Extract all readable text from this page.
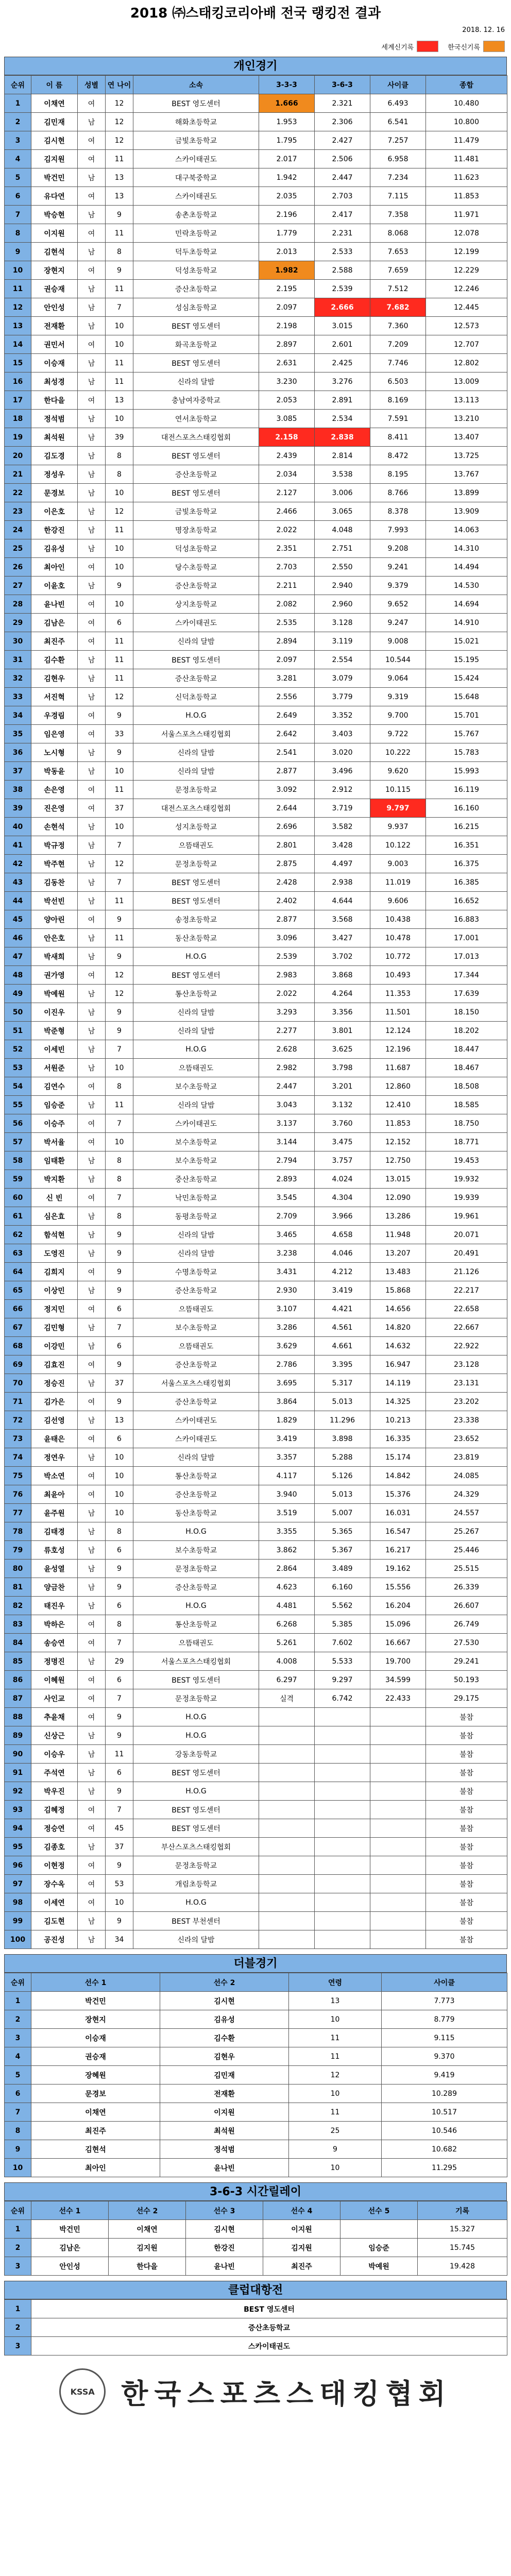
2018 ㈜스태킹코리아배 전국 랭킹전 결과
2018. 12. 16
세계신기록	한국신기록
개인경기
순위	이 름	성별	연 나이	소속	3-3-3	3-6-3	사이클	종합
1	이채연	여	12	BEST 영도센터	1.666	2.321	6.493	10.480
2	김민재	남	12	해화초등학교	1.953	2.306	6.541	10.800
3	김시현	여	12	금빛초등학교	1.795	2.427	7.257	11.479
4	김지원	여	11	스카이태권도	2.017	2.506	6.958	11.481
5	박건민	남	13	대구북중학교	1.942	2.447	7.234	11.623
6	유다연	여	13	스카이태권도	2.035	2.703	7.115	11.853
7	박승현	남	9	송촌초등학교	2.196	2.417	7.358	11.971
8	이지원	여	11	민락초등학교	1.779	2.231	8.068	12.078
9	김현석	남	8	덕두초등학교	2.013	2.533	7.653	12.199
10	장현지	여	9	덕성초등학교	1.982	2.588	7.659	12.229
11	권승재	남	11	증산초등학교	2.195	2.539	7.512	12.246
12	안인성	남	7	성심초등학교	2.097	2.666	7.682	12.445
13	전재환	남	10	BEST 영도센터	2.198	3.015	7.360	12.573
14	권민서	여	10	화곡초등학교	2.897	2.601	7.209	12.707
15	이승재	남	11	BEST 영도센터	2.631	2.425	7.746	12.802
16	최성경	남	11	신라의 달밤	3.230	3.276	6.503	13.009
17	한다을	여	13	충남여자중학교	2.053	2.891	8.169	13.113
18	정석범	남	10	연서초등학교	3.085	2.534	7.591	13.210
19	최석원	남	39	대전스포츠스태킹협회	2.158	2.838	8.411	13.407
20	김도경	남	8	BEST 영도센터	2.439	2.814	8.472	13.725
21	정성우	남	8	증산초등학교	2.034	3.538	8.195	13.767
22	문경보	남	10	BEST 영도센터	2.127	3.006	8.766	13.899
23	이은호	남	12	금빛초등학교	2.466	3.065	8.378	13.909
24	한강진	남	11	명장초등학교	2.022	4.048	7.993	14.063
25	김유성	남	10	덕성초등학교	2.351	2.751	9.208	14.310
26	최아인	여	10	당수초등학교	2.703	2.550	9.241	14.494
27	이윤호	남	9	증산초등학교	2.211	2.940	9.379	14.530
28	윤나빈	여	10	상지초등학교	2.082	2.960	9.652	14.694
29	김남은	여	6	스카이태권도	2.535	3.128	9.247	14.910
30	최진주	여	11	신라의 달밤	2.894	3.119	9.008	15.021
31	김수환	남	11	BEST 영도센터	2.097	2.554	10.544	15.195
32	김현우	남	11	증산초등학교	3.281	3.079	9.064	15.424
33	서진혁	남	12	신덕초등학교	2.556	3.779	9.319	15.648
34	우경림	여	9	H.O.G	2.649	3.352	9.700	15.701
35	임은영	여	33	서울스포츠스태킹협회	2.642	3.403	9.722	15.767
36	노시형	남	9	신라의 달밤	2.541	3.020	10.222	15.783
37	박동윤	남	10	신라의 달밤	2.877	3.496	9.620	15.993
38	손은영	여	11	문정초등학교	3.092	2.912	10.115	16.119
39	진은영	여	37	대전스포츠스태킹협회	2.644	3.719	9.797	16.160
40	손현석	남	10	성지초등학교	2.696	3.582	9.937	16.215
41	박규정	남	7	으뜸태권도	2.801	3.428	10.122	16.351
42	박주현	남	12	문정초등학교	2.875	4.497	9.003	16.375
43	김동찬	남	7	BEST 영도센터	2.428	2.938	11.019	16.385
44	박선빈	남	11	BEST 영도센터	2.402	4.644	9.606	16.652
45	양아린	여	9	송정초등학교	2.877	3.568	10.438	16.883
46	안은호	남	11	동산초등학교	3.096	3.427	10.478	17.001
47	박새희	남	9	H.O.G	2.539	3.702	10.772	17.013
48	권가영	여	12	BEST 영도센터	2.983	3.868	10.493	17.344
49	박예원	남	12	통산초등학교	2.022	4.264	11.353	17.639
50	이진우	남	9	신라의 달밤	3.293	3.356	11.501	18.150
51	박준형	남	9	신라의 달밤	2.277	3.801	12.124	18.202
52	이세빈	남	7	H.O.G	2.628	3.625	12.196	18.447
53	서원준	남	10	으뜸태권도	2.982	3.798	11.687	18.467
54	김연수	여	8	보수초등학교	2.447	3.201	12.860	18.508
55	임승준	남	11	신라의 달밤	3.043	3.132	12.410	18.585
56	이승주	여	7	스카이태권도	3.137	3.760	11.853	18.750
57	박서율	여	10	보수초등학교	3.144	3.475	12.152	18.771
58	임태환	남	8	보수초등학교	2.794	3.757	12.750	19.453
59	박지환	남	8	중산초등학교	2.893	4.024	13.015	19.932
60	신 빈	여	7	낙민초등학교	3.545	4.304	12.090	19.939
61	심은효	남	8	동평초등학교	2.709	3.966	13.286	19.961
62	함석현	남	9	신라의 달밤	3.465	4.658	11.948	20.071
63	도영진	남	9	신라의 달밤	3.238	4.046	13.207	20.491
64	김희지	여	9	수명초등학교	3.431	4.212	13.483	21.126
65	이상민	남	9	증산초등학교	2.930	3.419	15.868	22.217
66	정지민	여	6	으뜸태권도	3.107	4.421	14.656	22.658
67	김민형	남	7	보수초등학교	3.286	4.561	14.820	22.667
68	이강민	남	6	으뜸태권도	3.629	4.661	14.632	22.922
69	김효진	여	9	증산초등학교	2.786	3.395	16.947	23.128
70	정승진	남	37	서울스포츠스태킹협회	3.695	5.317	14.119	23.131
71	김가은	여	9	증산초등학교	3.864	5.013	14.325	23.202
72	김선영	남	13	스카이태권도	1.829	11.296	10.213	23.338
73	윤태은	여	6	스카이태권도	3.419	3.898	16.335	23.652
74	정연우	남	10	신라의 달밤	3.357	5.288	15.174	23.819
75	박소연	여	10	통산초등학교	4.117	5.126	14.842	24.085
76	최윤아	여	10	증산초등학교	3.940	5.013	15.376	24.329
77	윤주원	남	10	동산초등학교	3.519	5.007	16.031	24.557
78	김태경	남	8	H.O.G	3.355	5.365	16.547	25.267
79	류호성	남	6	보수초등학교	3.862	5.367	16.217	25.446
80	윤성열	남	9	문정초등학교	2.864	3.489	19.162	25.515
81	양금찬	남	9	증산초등학교	4.623	6.160	15.556	26.339
82	태진우	남	6	H.O.G	4.481	5.562	16.204	26.607
83	박하은	여	8	통산초등학교	6.268	5.385	15.096	26.749
84	송승연	여	7	으뜸태권도	5.261	7.602	16.667	27.530
85	정명진	남	29	서울스포츠스태킹협회	4.008	5.533	19.700	29.241
86	이혜원	여	6	BEST 영도센터	6.297	9.297	34.599	50.193
87	사인교	여	7	문정초등학교	실격	6.742	22.433	29.175
88	추윤채	여	9	H.O.G				불참
89	신상근	남	9	H.O.G				불참
90	이승우	남	11	강동초등학교				불참
91	주석연	남	6	BEST 영도센터				불참
92	박우진	남	9	H.O.G				불참
93	김혜정	여	7	BEST 영도센터				불참
94	정승연	여	45	BEST 영도센터				불참
95	김종호	남	37	부산스포츠스태킹협회				불참
96	이현정	여	9	문정초등학교				불참
97	장수옥	여	53	개림초등학교				불참
98	이세연	여	10	H.O.G				불참
99	김도현	남	9	BEST 부천센터				불참
100	공진성	남	34	신라의 달밤				불참
더블경기
순위	선수 1	선수 2	연령	사이클
1	박건민	김시현	13	7.773
2	장현지	김유성	10	8.779
3	이승재	김수환	11	9.115
4	권승재	김현우	11	9.370
5	장혜원	김민재	12	9.419
6	문경보	전재환	10	10.289
7	이채연	이지원	11	10.517
8	최진주	최석원	25	10.546
9	김현석	정석범	9	10.682
10	최아인	윤나빈	10	11.295
3-6-3 시간릴레이
순위	선수 1	선수 2	선수 3	선수 4	선수 5	기록
1	박건민	이채연	김시현	이지원		15.327
2	김남은	김지원	한강진	김지원	임승준	15.745
3	안인성	한다을	윤나빈	최진주	박예원	19.428
클럽대항전
1	BEST 영도센터
2	증산초등학교
3	스카이태권도
KSSA 한국스포츠스태킹협회
